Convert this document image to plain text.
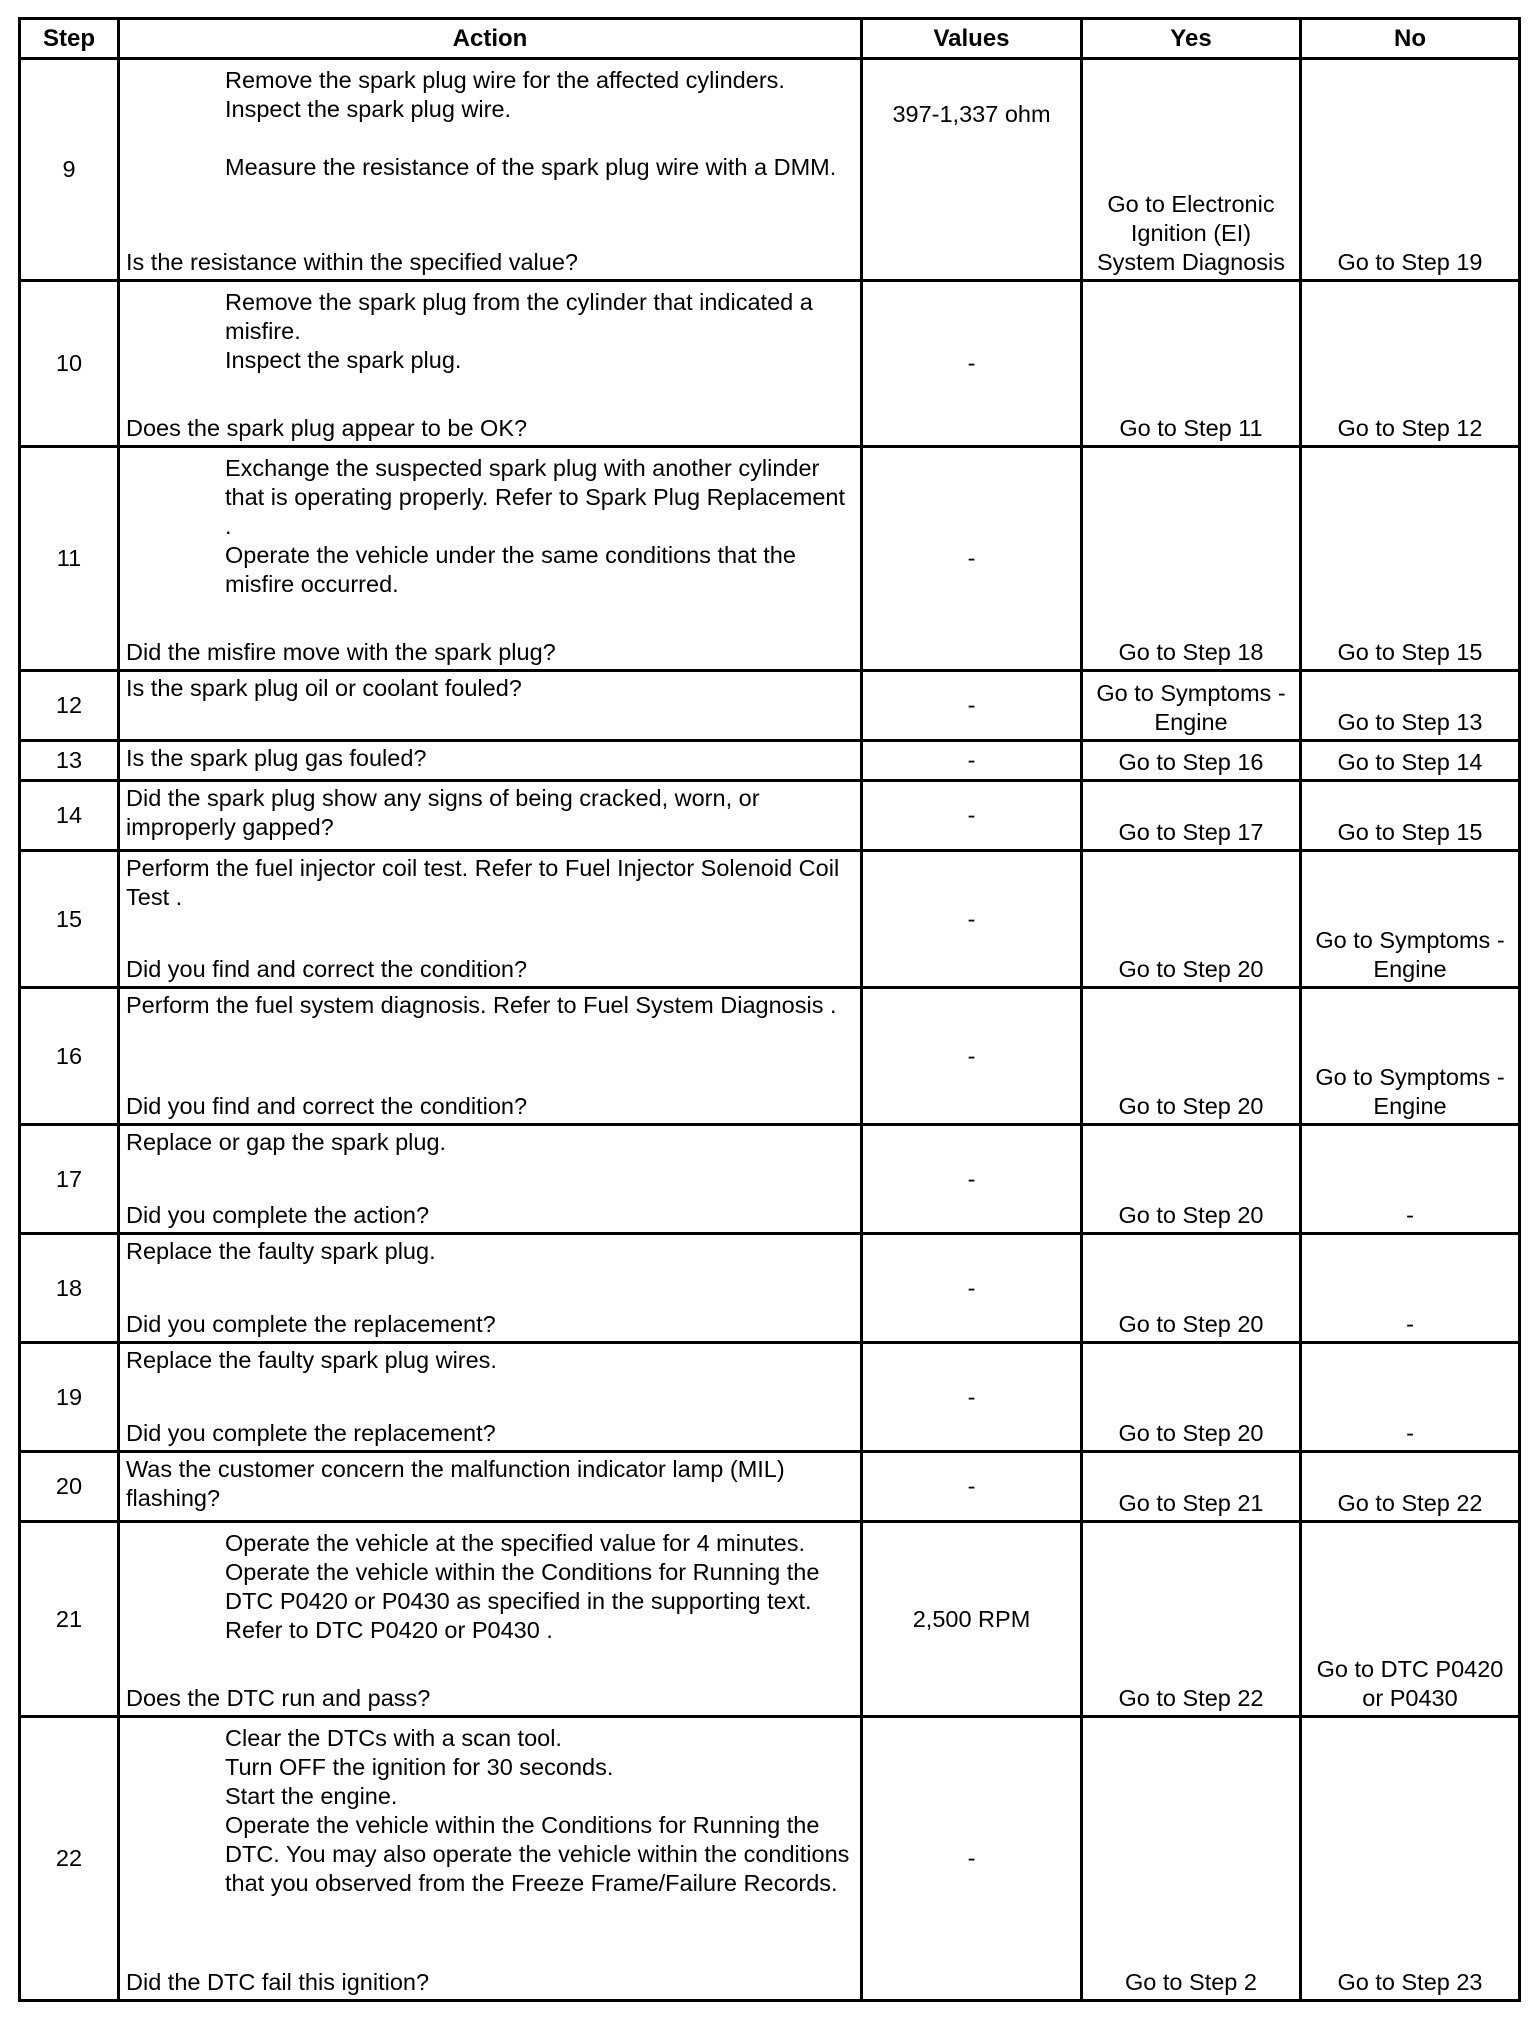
Step	Action	Values	Yes	No
9	Remove the spark plug wire for the affected cylinders.
Inspect the spark plug wire.
Measure the resistance of the spark plug wire with a DMM.
Is the resistance within the specified value?	397-1,337 ohm	Go to Electronic Ignition (EI) System Diagnosis	Go to Step 19
10	Remove the spark plug from the cylinder that indicated a misfire.
Inspect the spark plug.
Does the spark plug appear to be OK?	-	Go to Step 11	Go to Step 12
11	Exchange the suspected spark plug with another cylinder that is operating properly. Refer to Spark Plug Replacement .
Operate the vehicle under the same conditions that the misfire occurred.
Did the misfire move with the spark plug?	-	Go to Step 18	Go to Step 15
12	Is the spark plug oil or coolant fouled?	-	Go to Symptoms - Engine	Go to Step 13
13	Is the spark plug gas fouled?	-	Go to Step 16	Go to Step 14
14	Did the spark plug show any signs of being cracked, worn, or improperly gapped?	-	Go to Step 17	Go to Step 15
15	Perform the fuel injector coil test. Refer to Fuel Injector Solenoid Coil Test .
Did you find and correct the condition?	-	Go to Step 20	Go to Symptoms - Engine
16	Perform the fuel system diagnosis. Refer to Fuel System Diagnosis .
Did you find and correct the condition?	-	Go to Step 20	Go to Symptoms - Engine
17	Replace or gap the spark plug.
Did you complete the action?	-	Go to Step 20	-
18	Replace the faulty spark plug.
Did you complete the replacement?	-	Go to Step 20	-
19	Replace the faulty spark plug wires.
Did you complete the replacement?	-	Go to Step 20	-
20	Was the customer concern the malfunction indicator lamp (MIL) flashing?	-	Go to Step 21	Go to Step 22
21	Operate the vehicle at the specified value for 4 minutes.
Operate the vehicle within the Conditions for Running the DTC P0420 or P0430 as specified in the supporting text. Refer to DTC P0420 or P0430 .
Does the DTC run and pass?	2,500 RPM	Go to Step 22	Go to DTC P0420 or P0430
22	Clear the DTCs with a scan tool.
Turn OFF the ignition for 30 seconds.
Start the engine.
Operate the vehicle within the Conditions for Running the DTC. You may also operate the vehicle within the conditions that you observed from the Freeze Frame/Failure Records.
Did the DTC fail this ignition?	-	Go to Step 2	Go to Step 23
